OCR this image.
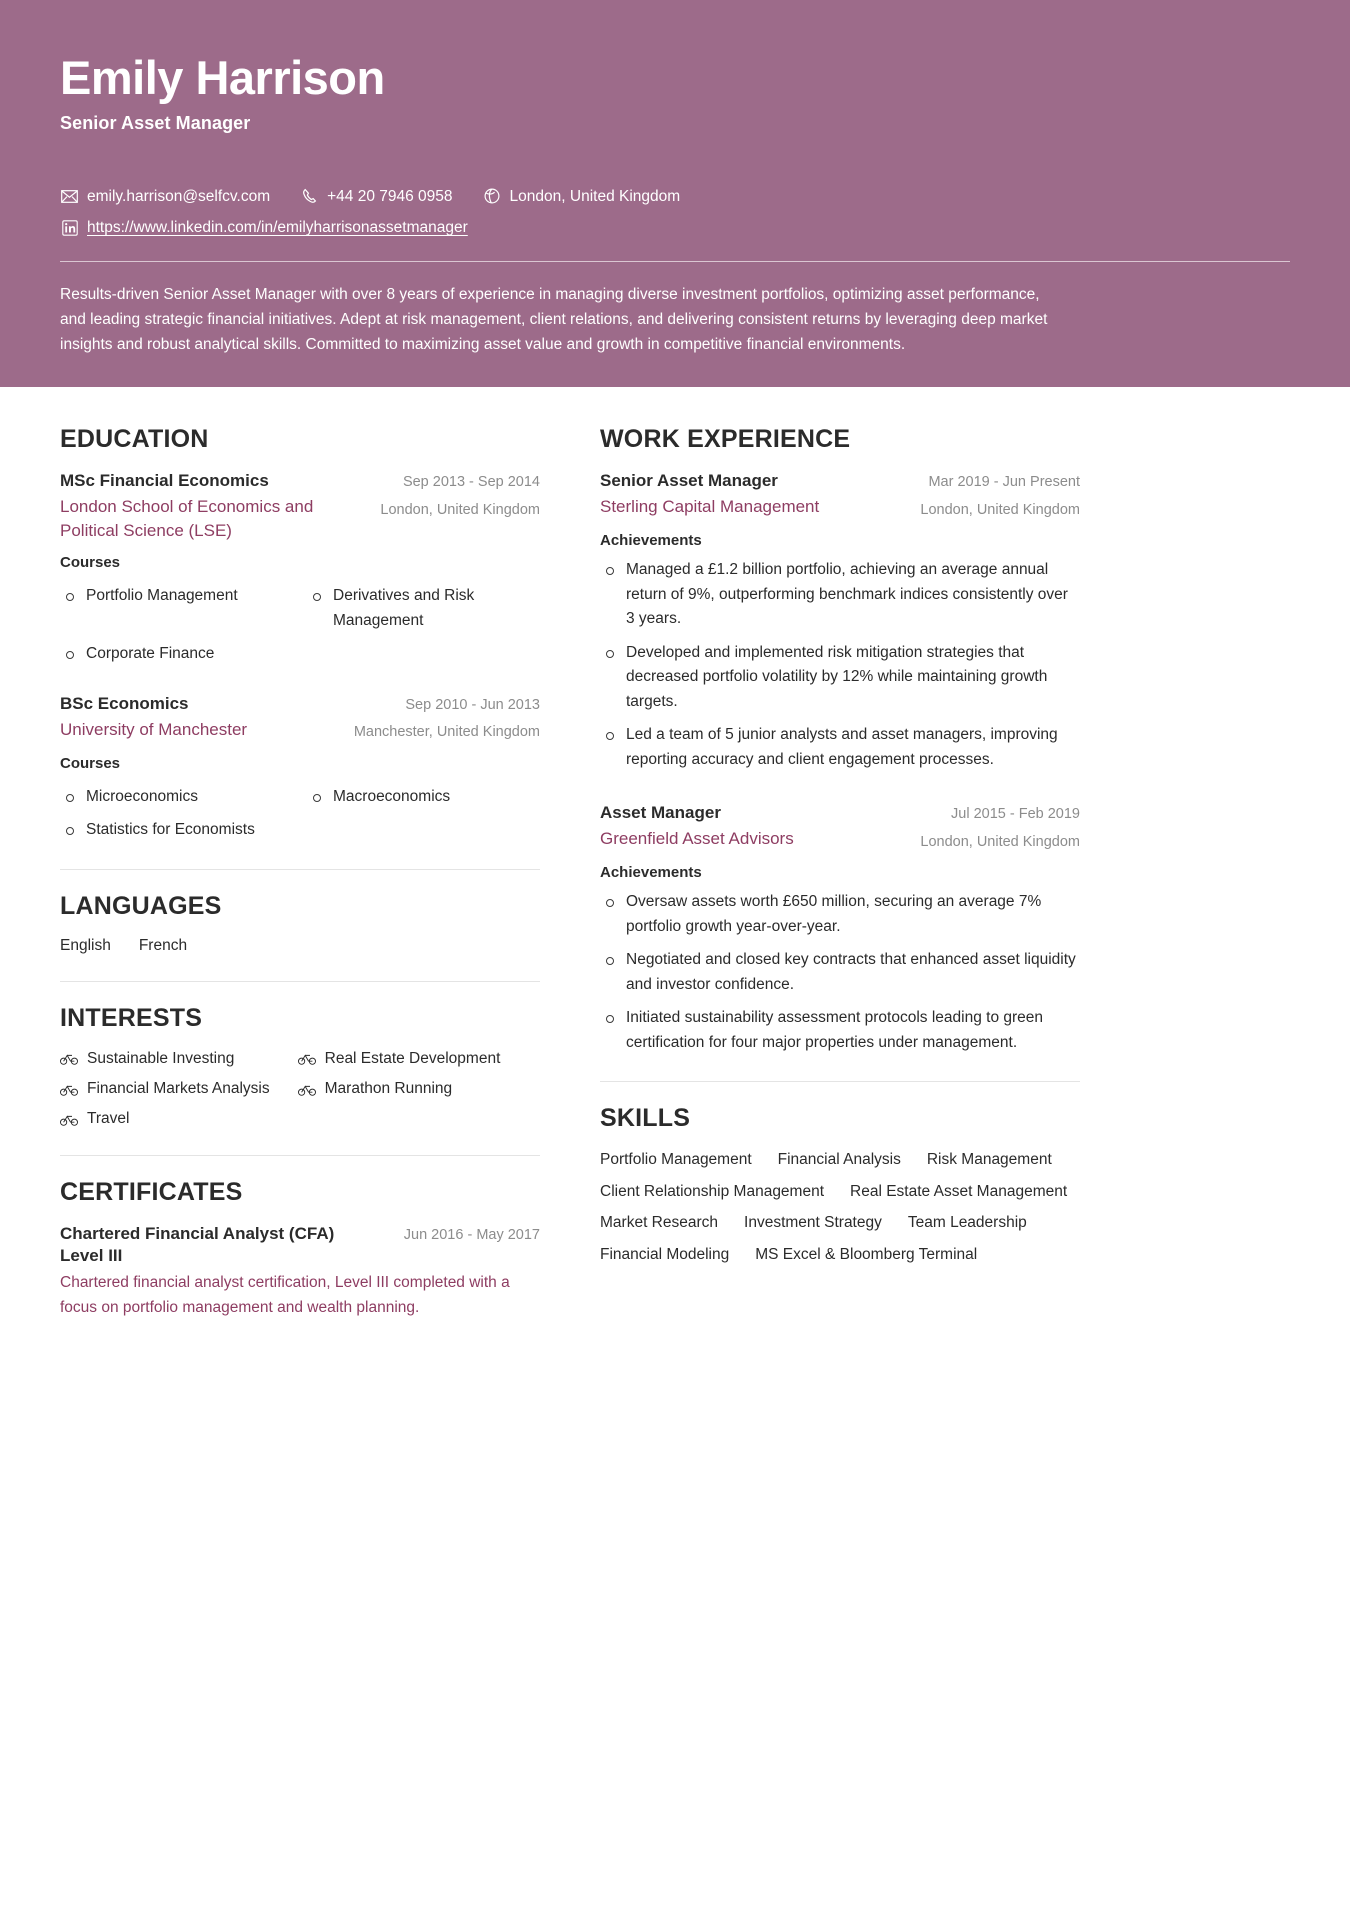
Emily Harrison
Senior Asset Manager
emily.harrison@selfcv.com	+44 20 7946 0958	London, United Kingdom
https://www.linkedin.com/in/emilyharrisonassetmanager
Results-driven Senior Asset Manager with over 8 years of experience in managing diverse investment portfolios, optimizing asset performance, and leading strategic financial initiatives. Adept at risk management, client relations, and delivering consistent returns by leveraging deep market insights and robust analytical skills. Committed to maximizing asset value and growth in competitive financial environments.
EDUCATION
MSc Financial Economics
London School of Economics and Political Science (LSE)
Sep 2013 - Sep 2014
London, United Kingdom
Courses
Portfolio Management	Derivatives and Risk Management
Corporate Finance
BSc Economics
University of Manchester
Sep 2010 - Jun 2013
Manchester, United Kingdom
Courses
Microeconomics	Macroeconomics
Statistics for Economists
LANGUAGES
English French
INTERESTS
Sustainable Investing	Real Estate Development
Financial Markets Analysis	Marathon Running
Travel
CERTIFICATES
Chartered Financial Analyst (CFA) Level III
Jun 2016 - May 2017
Chartered financial analyst certification, Level III completed with a focus on portfolio management and wealth planning.
WORK EXPERIENCE
Senior Asset Manager
Sterling Capital Management
Mar 2019 - Jun Present
London, United Kingdom
Achievements
Managed a £1.2 billion portfolio, achieving an average annual return of 9%, outperforming benchmark indices consistently over 3 years.
Developed and implemented risk mitigation strategies that decreased portfolio volatility by 12% while maintaining growth targets.
Led a team of 5 junior analysts and asset managers, improving reporting accuracy and client engagement processes.
Asset Manager
Greenfield Asset Advisors
Jul 2015 - Feb 2019
London, United Kingdom
Achievements
Oversaw assets worth £650 million, securing an average 7% portfolio growth year-over-year.
Negotiated and closed key contracts that enhanced asset liquidity and investor confidence.
Initiated sustainability assessment protocols leading to green certification for four major properties under management.
SKILLS
Portfolio Management Financial Analysis Risk Management
Client Relationship Management Real Estate Asset Management
Market Research Investment Strategy Team Leadership
Financial Modeling MS Excel & Bloomberg Terminal
